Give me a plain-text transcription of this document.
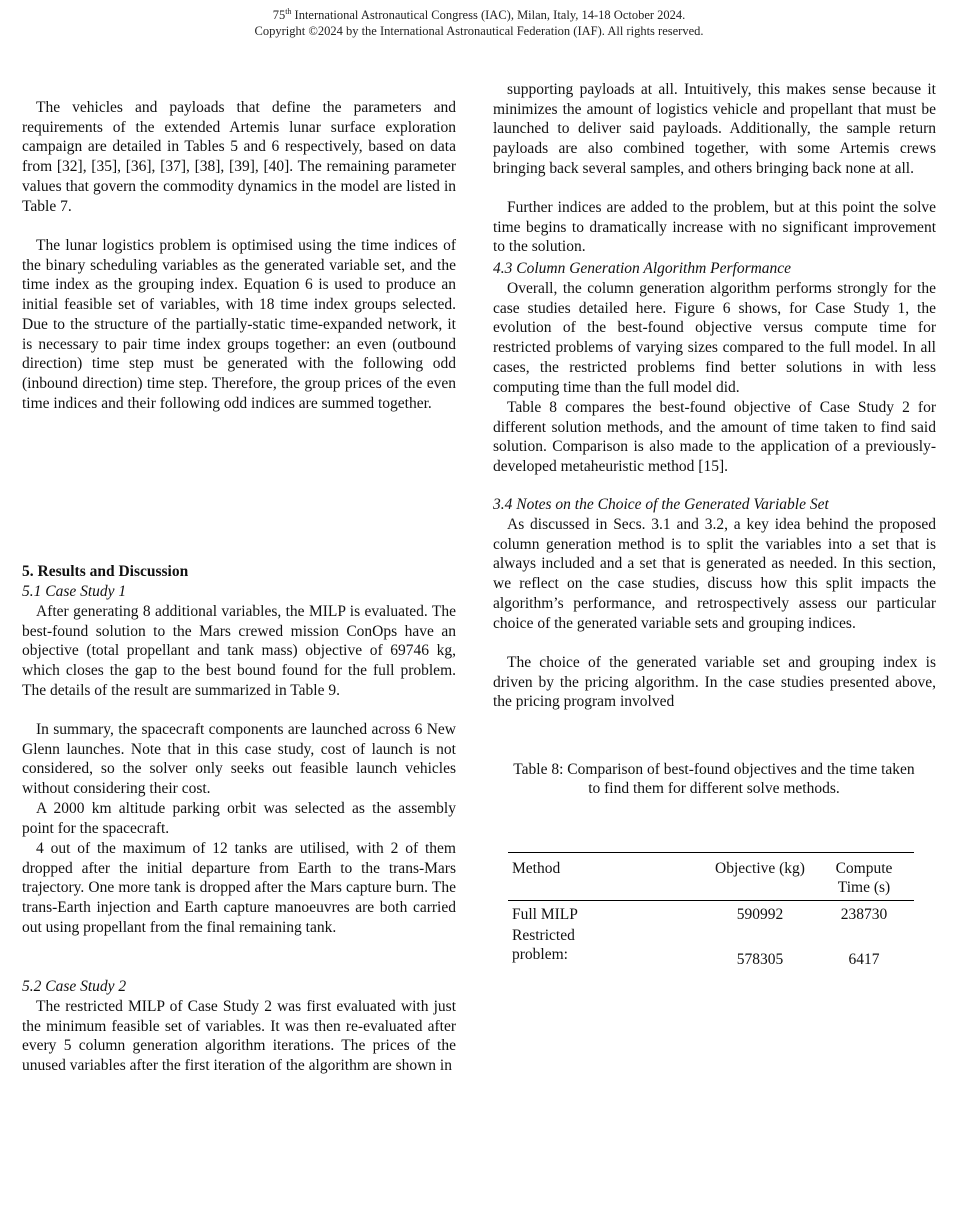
75th International Astronautical Congress (IAC), Milan, Italy, 14-18 October 2024.
Copyright ©2024 by the International Astronautical Federation (IAF). All rights reserved.

The vehicles and payloads that define the parameters and requirements of the extended Artemis lunar surface exploration campaign are detailed in Tables 5 and 6 respectively, based on data from [32], [35], [36], [37], [38], [39], [40]. The remaining parameter values that govern the commodity dynamics in the model are listed in Table 7.

The lunar logistics problem is optimised using the time indices of the binary scheduling variables as the generated variable set, and the time index as the grouping index. Equation 6 is used to produce an initial feasible set of variables, with 18 time index groups selected. Due to the structure of the partially-static time-expanded network, it is necessary to pair time index groups together: an even (outbound direction) time step must be generated with the following odd (inbound direction) time step. Therefore, the group prices of the even time indices and their following odd indices are summed together.

5. Results and Discussion

5.1 Case Study 1

After generating 8 additional variables, the MILP is evaluated. The best-found solution to the Mars crewed mission ConOps have an objective (total propellant and tank mass) objective of 69746 kg, which closes the gap to the best bound found for the full problem. The details of the result are summarized in Table 9.

In summary, the spacecraft components are launched across 6 New Glenn launches. Note that in this case study, cost of launch is not considered, so the solver only seeks out feasible launch vehicles without considering their cost.

A 2000 km altitude parking orbit was selected as the assembly point for the spacecraft.

4 out of the maximum of 12 tanks are utilised, with 2 of them dropped after the initial departure from Earth to the trans-Mars trajectory. One more tank is dropped after the Mars capture burn. The trans-Earth injection and Earth capture manoeuvres are both carried out using propellant from the final remaining tank.

5.2 Case Study 2

The restricted MILP of Case Study 2 was first evaluated with just the minimum feasible set of variables. It was then re-evaluated after every 5 column generation algorithm iterations. The prices of the unused variables after the first iteration of the algorithm are shown in

supporting payloads at all. Intuitively, this makes sense because it minimizes the amount of logistics vehicle and propellant that must be launched to deliver said payloads. Additionally, the sample return payloads are also combined together, with some Artemis crews bringing back several samples, and others bringing back none at all.

Further indices are added to the problem, but at this point the solve time begins to dramatically increase with no significant improvement to the solution.

4.3 Column Generation Algorithm Performance

Overall, the column generation algorithm performs strongly for the case studies detailed here. Figure 6 shows, for Case Study 1, the evolution of the best-found objective versus compute time for restricted problems of varying sizes compared to the full model. In all cases, the restricted problems find better solutions in with less computing time than the full model did.

Table 8 compares the best-found objective of Case Study 2 for different solution methods, and the amount of time taken to find said solution. Comparison is also made to the application of a previously-developed metaheuristic method [15].

3.4 Notes on the Choice of the Generated Variable Set

As discussed in Secs. 3.1 and 3.2, a key idea behind the proposed column generation method is to split the variables into a set that is always included and a set that is generated as needed. In this section, we reflect on the case studies, discuss how this split impacts the algorithm’s performance, and retrospectively assess our particular choice of the generated variable sets and grouping indices.

The choice of the generated variable set and grouping index is driven by the pricing algorithm. In the case studies presented above, the pricing program involved

Table 8: Comparison of best-found objectives and the time taken to find them for different solve methods.
Method	Objective (kg)	Compute Time (s)
Full MILP	590992	238730

Restricted problem:	578305	6417
